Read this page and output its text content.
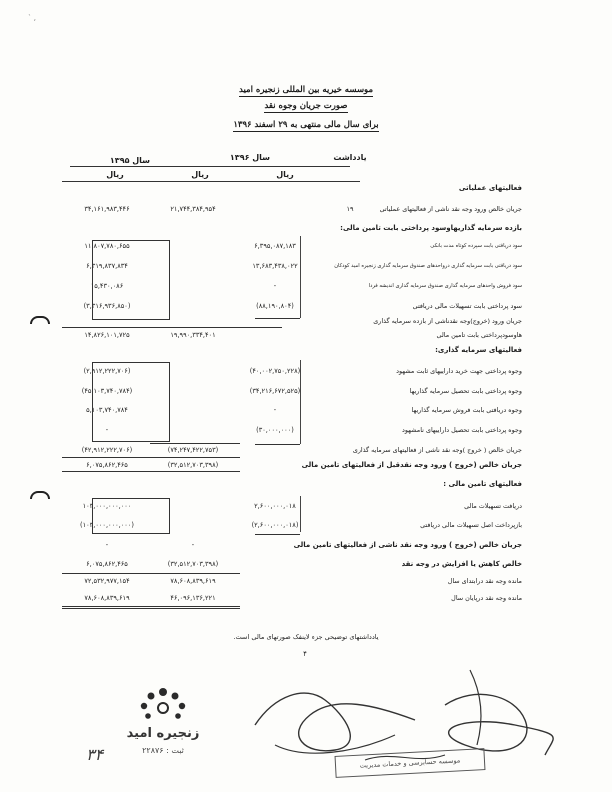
` ,
موسسه خیریه بین المللی زنجیره امید
صورت جریان وجوه نقد
برای سال مالی منتهی به ۲۹ اسفند ۱۳۹۶
یادداشت
سال ۱۳۹۶
سال ۱۳۹۵
ریال
ریال
ریال
فعالیتهای عملیاتی
جریان خالص ورود وجه نقد ناشی از فعالیتهای عملیاتی
۱۹
۲۱,۷۴۴,۳۸۴,۹۵۴
۳۴,۱۶۱,۹۸۳,۴۴۶
بازده سرمایه گذاریهاوسود پرداختی بابت تامین مالی:
سود دریافتی بابت سپرده کوتاه مدت بانکی
۶,۳۹۵,۰۸۷,۱۸۳
۱۱,۸۰۷,۷۸۰,۶۵۵
سود دریافتی بابت سرمایه گذاری درواحدهای صندوق سرمایه گذاری زنجیره امید کودکان
۱۳,۶۸۳,۴۳۸,۰۲۲
۶,۳۱۹,۸۳۷,۸۳۴
سود فروش واحدهای سرمایه گذاری صندوق سرمایه گذاری اندیشه فردا
-
۱۵,۴۳۰,۰۸۶
سود پرداختی بابت تسهیلات مالی دریافتی
(۸۸,۱۹۰,۸۰۴)
(۳,۳۱۶,۹۳۶,۸۵۰)
جریان ورود (خروج)وجه نقدناشی از بازده سرمایه گذاری
هاوسودپرداختی بابت تامین مالی
۱۹,۹۹۰,۳۳۴,۴۰۱
۱۴,۸۲۶,۱۰۱,۷۲۵
فعالیتهای سرمایه گذاری:
وجوه پرداختی جهت خرید داراییهای ثابت مشهود
(۴۰,۰۰۲,۷۵۰,۲۲۸)
(۲,۹۱۲,۲۲۲,۷۰۶)
وجوه پرداختی بابت تحصیل سرمایه گذاریها
(۳۴,۲۱۶,۶۷۲,۵۲۵)
(۴۵,۱۰۳,۷۴۰,۷۸۴)
وجوه دریافتی بابت فروش سرمایه گذاریها
-
۵,۱۰۳,۷۴۰,۷۸۴
وجوه پرداختی بابت تحصیل داراییهای نامشهود
(۳۰,۰۰۰,۰۰۰)
-
جریان خالص ( خروج )وجه نقد ناشی از فعالیتهای سرمایه گذاری
(۷۴,۲۴۷,۴۲۲,۷۵۳)
(۴۲,۹۱۲,۲۲۲,۷۰۶)
جریان خالص (خروج ) ورود وجه نقدقبل از فعالیتهای تامین مالی
(۳۲,۵۱۲,۷۰۳,۳۹۸)
۶,۰۷۵,۸۶۲,۴۶۵
فعالیتهای تامین مالی :
دریافت تسهیلات مالی
۲,۶۰۰,۰۰۰,۰۱۸
۱۰۳,۰۰۰,۰۰۰,۰۰۰
بازپرداخت اصل تسهیلات مالی دریافتی
(۲,۶۰۰,۰۰۰,۰۱۸)
(۱۰۳,۰۰۰,۰۰۰,۰۰۰)
جریان خالص (خروج ) ورود وجه نقد ناشی از فعالیتهای تامین مالی
-
-
خالص کاهش یا افزایش در وجه نقد
(۳۲,۵۱۲,۷۰۳,۳۹۸)
۶,۰۷۵,۸۶۲,۴۶۵
مانده وجه نقد درابتدای سال
۷۸,۶۰۸,۸۳۹,۶۱۹
۷۲,۵۳۲,۹۷۷,۱۵۴
مانده وجه نقد درپایان سال
۴۶,۰۹۶,۱۳۶,۲۲۱
۷۸,۶۰۸,۸۳۹,۶۱۹
یادداشتهای توضیحی جزء لاینفک صورتهای مالی است.
۴
زنجیره امید
ثبت : ۲۲۸۷۶
۳۴	موسسه حسابرسی و خدمات مدیریت
